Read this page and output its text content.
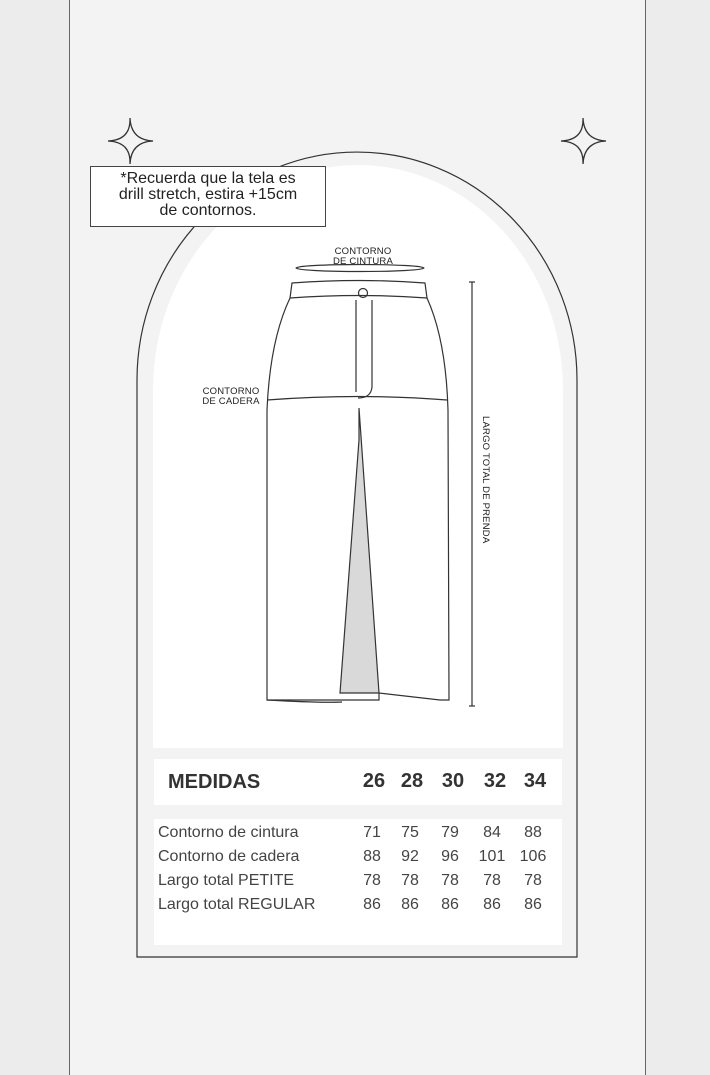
*Recuerda que la tela es
drill stretch, estira +15cm
de contornos.
CONTORNO
DE CINTURA
CONTORNO
DE CADERA
LARGO TOTAL DE PRENDA
MEDIDAS	26 28 30 32 34
Contorno de cintura	71	75	79	84	88
Contorno de cadera	88	92	96	101 106
Largo total PETITE	78	78	78	78	78
Largo total REGULAR	86	86	86	86	86
